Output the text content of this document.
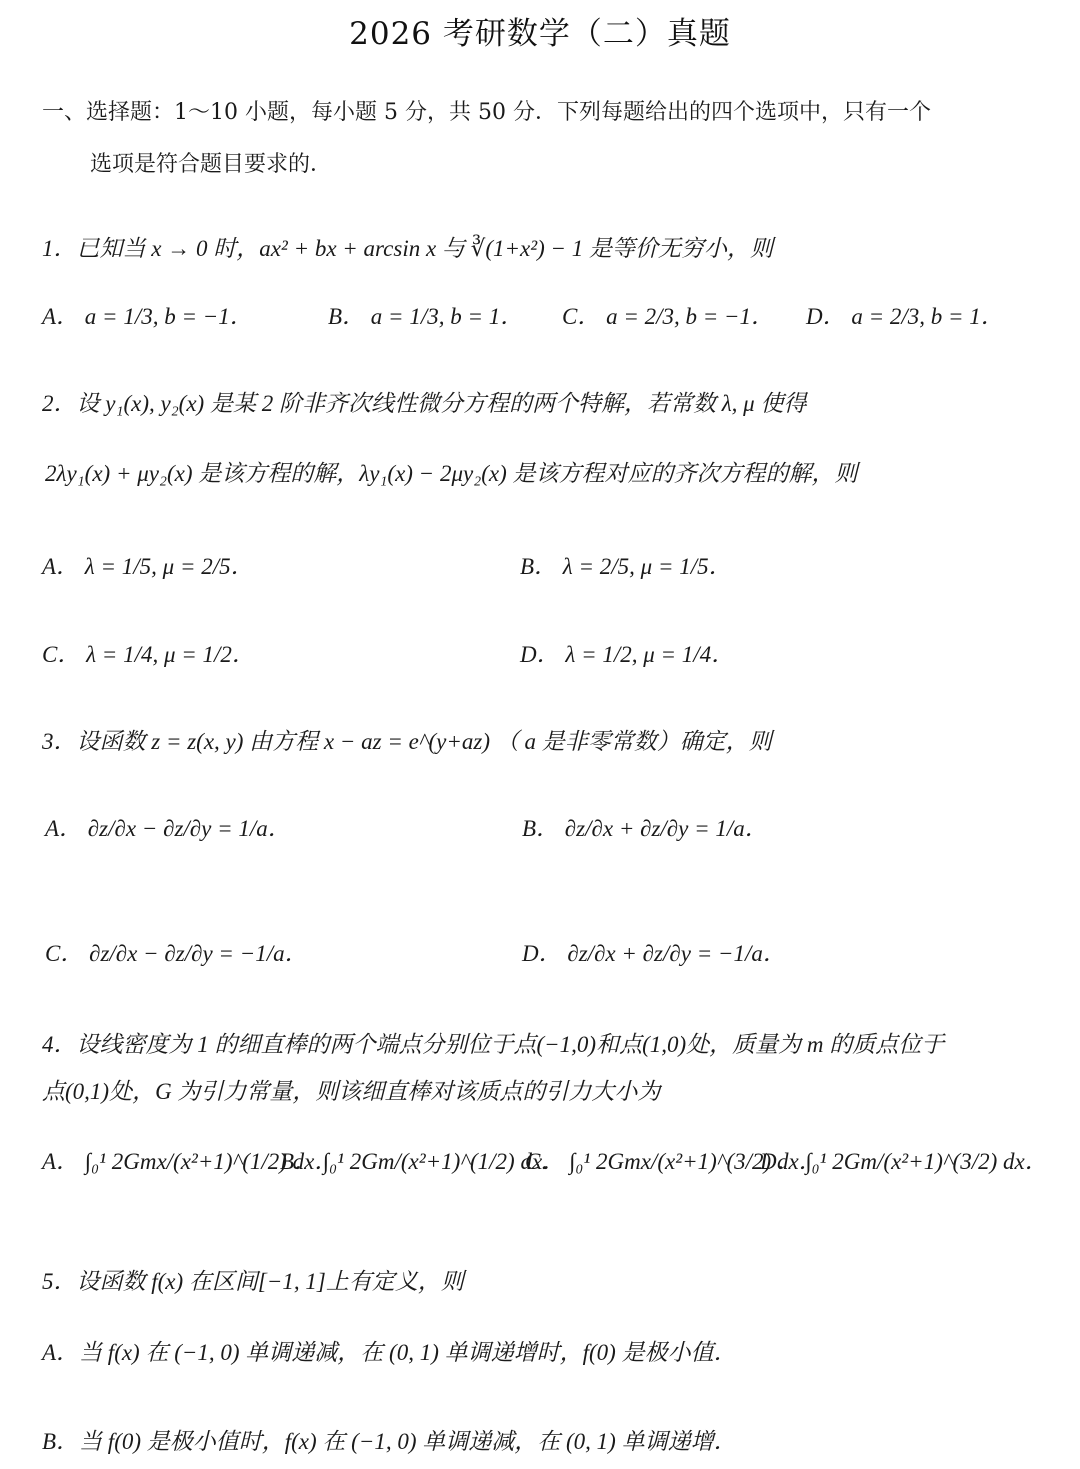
2026 考研数学（二）真题
一、选择题：1～10 小题，每小题 5 分，共 50 分．下列每题给出的四个选项中，只有一个
选项是符合题目要求的．
1．已知当 x → 0 时，ax² + bx + arcsin x 与 ∛(1+x²) − 1 是等价无穷小，则
A． a = 1/3, b = −1．	B． a = 1/3, b = 1． C． a = 2/3, b = −1． D． a = 2/3, b = 1．
2．设 y₁(x), y₂(x) 是某 2 阶非齐次线性微分方程的两个特解，若常数 λ, μ 使得
2λy₁(x) + μy₂(x) 是该方程的解，λy₁(x) − 2μy₂(x) 是该方程对应的齐次方程的解，则
A． λ = 1/5, μ = 2/5．	B． λ = 2/5, μ = 1/5．
C． λ = 1/4, μ = 1/2．	D． λ = 1/2, μ = 1/4．
3．设函数 z = z(x, y) 由方程 x − az = e^(y+az) （ a 是非零常数）确定，则
A． ∂z/∂x − ∂z/∂y = 1/a．	B． ∂z/∂x + ∂z/∂y = 1/a．
C． ∂z/∂x − ∂z/∂y = −1/a．	D． ∂z/∂x + ∂z/∂y = −1/a．
4．设线密度为 1 的细直棒的两个端点分别位于点(−1,0)和点(1,0)处，质量为 m 的质点位于
点(0,1)处，G 为引力常量，则该细直棒对该质点的引力大小为
A． ∫₀¹ 2Gmx/(x²+1)^(1/2) dx．
B． ∫₀¹ 2Gm/(x²+1)^(1/2) dx．
C． ∫₀¹ 2Gmx/(x²+1)^(3/2) dx．
D． ∫₀¹ 2Gm/(x²+1)^(3/2) dx．
5．设函数 f(x) 在区间[−1, 1]上有定义，则
A．当 f(x) 在 (−1, 0) 单调递减，在 (0, 1) 单调递增时，f(0) 是极小值．
B．当 f(0) 是极小值时，f(x) 在 (−1, 0) 单调递减，在 (0, 1) 单调递增．
